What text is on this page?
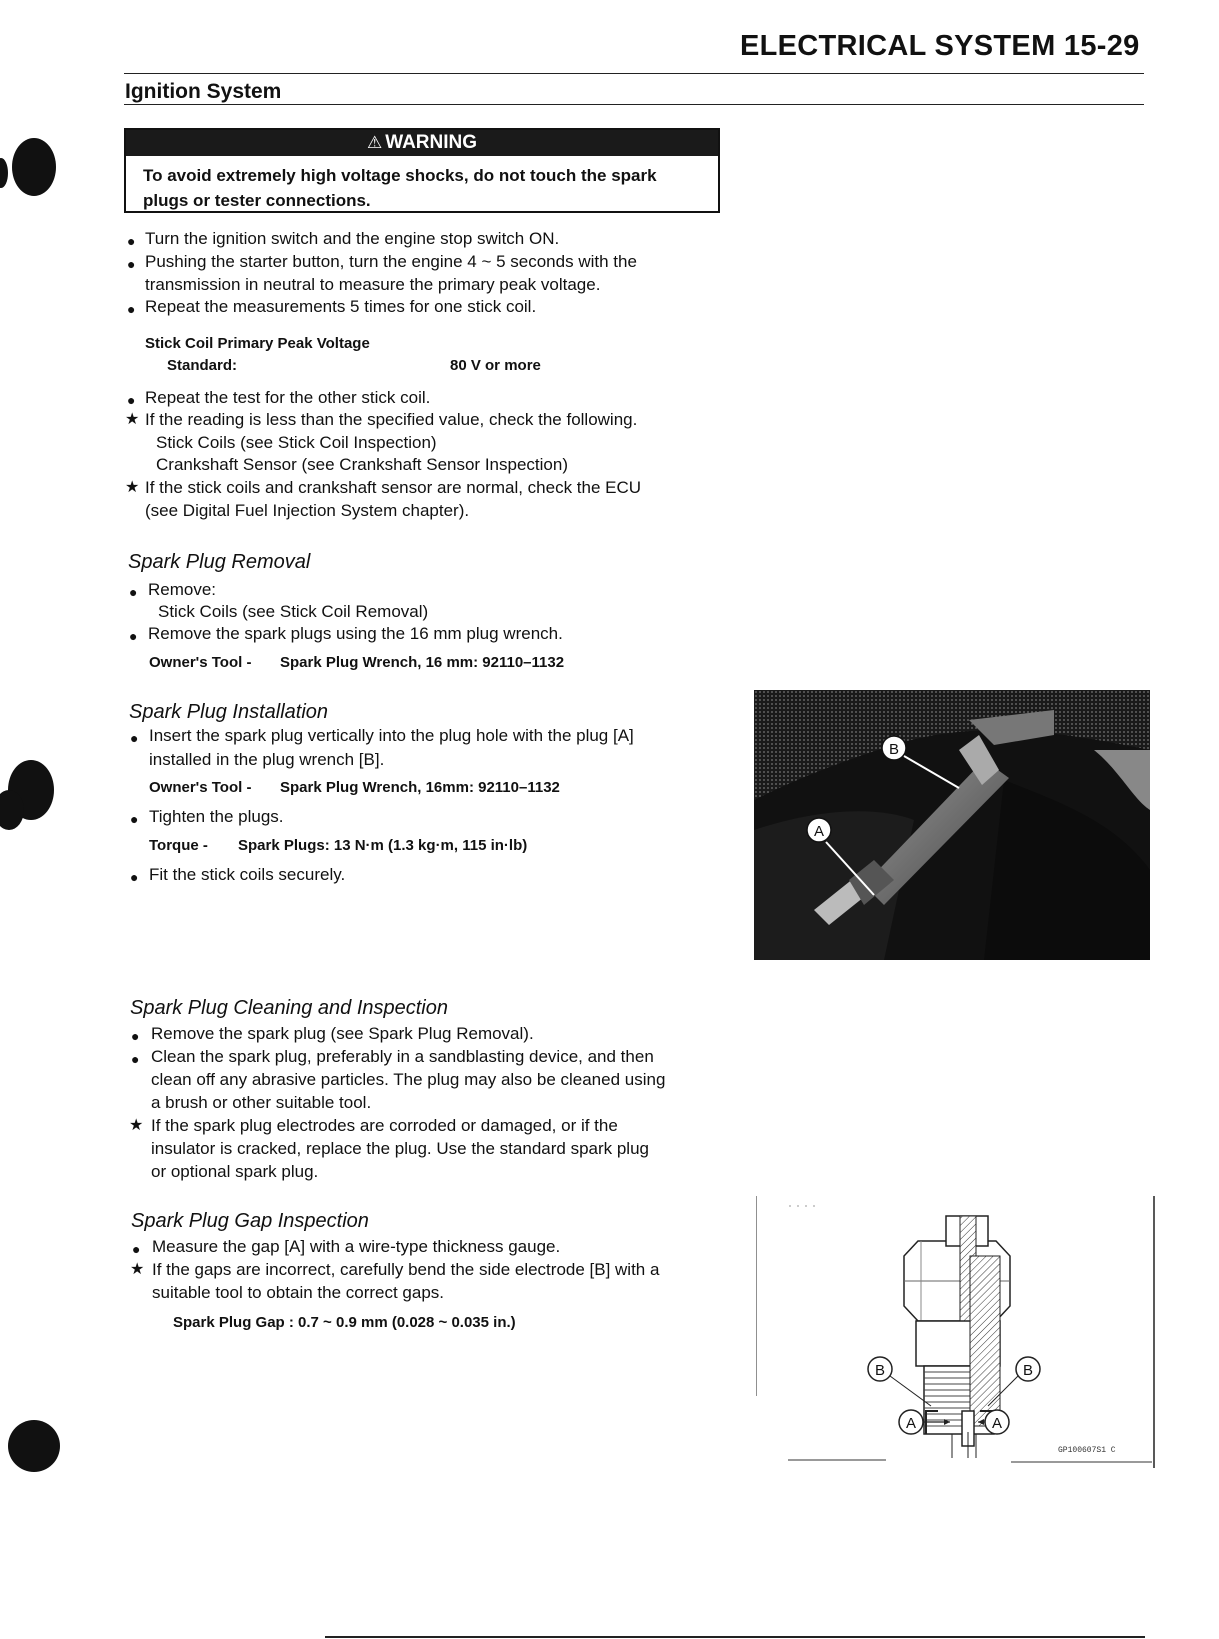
ELECTRICAL SYSTEM 15-29
Ignition System
⚠ WARNING
To avoid extremely high voltage shocks, do not touch the spark
plugs or tester connections.
● Turn the ignition switch and the engine stop switch ON.
● Pushing the starter button, turn the engine 4 ~ 5 seconds with the
transmission in neutral to measure the primary peak voltage.
● Repeat the measurements 5 times for one stick coil.
Stick Coil Primary Peak Voltage
Standard:	80 V or more
● Repeat the test for the other stick coil.
★ If the reading is less than the specified value, check the following.
Stick Coils (see Stick Coil Inspection)
Crankshaft Sensor (see Crankshaft Sensor Inspection)
★ If the stick coils and crankshaft sensor are normal, check the ECU
(see Digital Fuel Injection System chapter).
Spark Plug Removal
● Remove:
Stick Coils (see Stick Coil Removal)
● Remove the spark plugs using the 16 mm plug wrench.
Owner's Tool - Spark Plug Wrench, 16 mm: 92110–1132
Spark Plug Installation
● Insert the spark plug vertically into the plug hole with the plug [A]
installed in the plug wrench [B].
Owner's Tool - Spark Plug Wrench, 16mm: 92110–1132
● Tighten the plugs.
Torque - Spark Plugs: 13 N·m (1.3 kg·m, 115 in·lb)
● Fit the stick coils securely.
A
B
Spark Plug Cleaning and Inspection
● Remove the spark plug (see Spark Plug Removal).
● Clean the spark plug, preferably in a sandblasting device, and then
clean off any abrasive particles. The plug may also be cleaned using
a brush or other suitable tool.
★ If the spark plug electrodes are corroded or damaged, or if the
insulator is cracked, replace the plug. Use the standard spark plug
or optional spark plug.
Spark Plug Gap Inspection
● Measure the gap [A] with a wire-type thickness gauge.
★ If the gaps are incorrect, carefully bend the side electrode [B] with a
suitable tool to obtain the correct gaps.
Spark Plug Gap : 0.7 ~ 0.9 mm (0.028 ~ 0.035 in.)
B	B
A	A
GP100607S1 C
